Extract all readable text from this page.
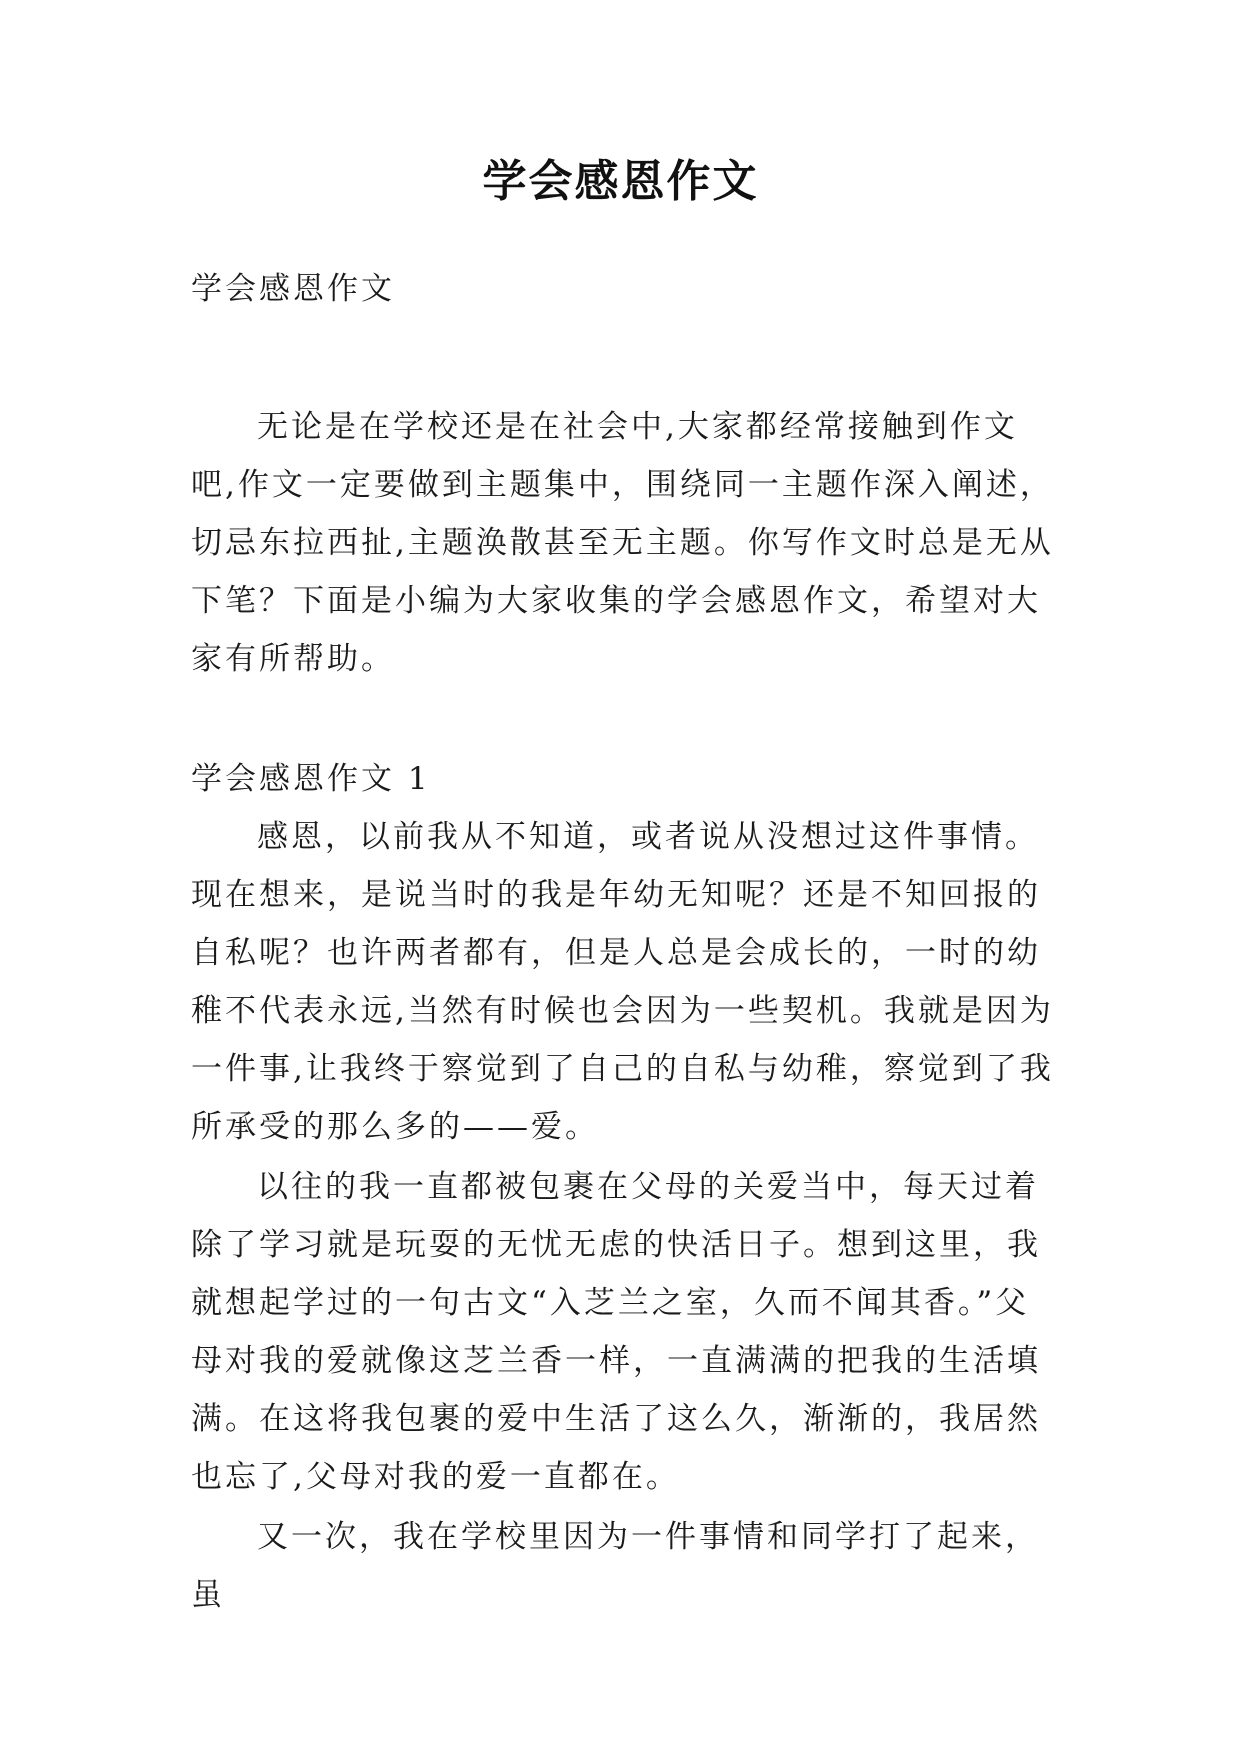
学会感恩作文

学会感恩作文

无论是在学校还是在社会中,大家都经常接触到作文吧,作文一定要做到主题集中，围绕同一主题作深入阐述，切忌东拉西扯,主题涣散甚至无主题。你写作文时总是无从下笔？下面是小编为大家收集的学会感恩作文，希望对大家有所帮助。

学会感恩作文 1

感恩，以前我从不知道，或者说从没想过这件事情。现在想来，是说当时的我是年幼无知呢？还是不知回报的自私呢？也许两者都有，但是人总是会成长的，一时的幼稚不代表永远,当然有时候也会因为一些契机。我就是因为一件事,让我终于察觉到了自己的自私与幼稚，察觉到了我所承受的那么多的——爱。

以往的我一直都被包裹在父母的关爱当中，每天过着除了学习就是玩耍的无忧无虑的快活日子。想到这里，我就想起学过的一句古文“入芝兰之室，久而不闻其香。”父母对我的爱就像这芝兰香一样，一直满满的把我的生活填满。在这将我包裹的爱中生活了这么久，渐渐的，我居然也忘了,父母对我的爱一直都在。

又一次，我在学校里因为一件事情和同学打了起来，虽
